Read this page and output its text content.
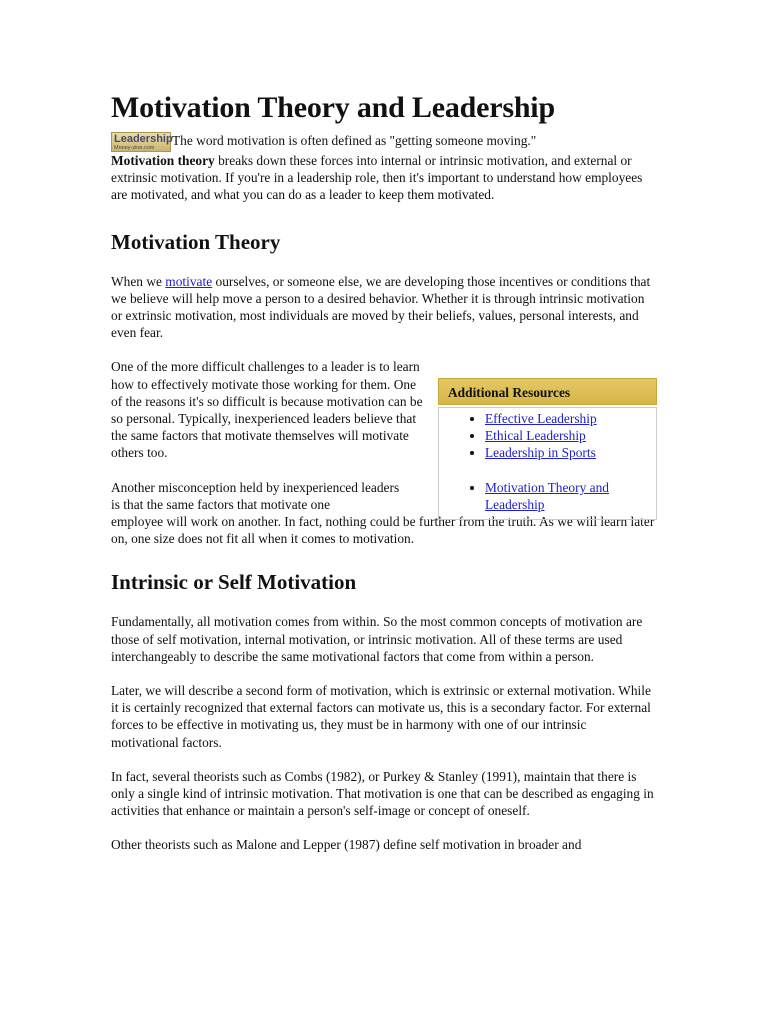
Motivation Theory and Leadership

Leadership
Money-zine.com The word motivation is often defined as "getting someone moving."
Motivation theory breaks down these forces into internal or intrinsic motivation, and external or extrinsic motivation. If you're in a leadership role, then it's important to understand how employees are motivated, and what you can do as a leader to keep them motivated.

Motivation Theory

When we motivate ourselves, or someone else, we are developing those incentives or conditions that we believe will help move a person to a desired behavior. Whether it is through intrinsic motivation or extrinsic motivation, most individuals are moved by their beliefs, values, personal interests, and even fear.

One of the more difficult challenges to a leader is to learn how to effectively motivate those working for them. One of the reasons it's so difficult is because motivation can be so personal. Typically, inexperienced leaders believe that the same factors that motivate themselves will motivate others too.

Another misconception held by inexperienced leaders is that the same factors that motivate one

employee will work on another. In fact, nothing could be further from the truth. As we will learn later on, one size does not fit all when it comes to motivation.

Intrinsic or Self Motivation

Fundamentally, all motivation comes from within. So the most common concepts of motivation are those of self motivation, internal motivation, or intrinsic motivation. All of these terms are used interchangeably to describe the same motivational factors that come from within a person.

Later, we will describe a second form of motivation, which is extrinsic or external motivation. While it is certainly recognized that external factors can motivate us, this is a secondary factor. For external forces to be effective in motivating us, they must be in harmony with one of our intrinsic motivational factors.

In fact, several theorists such as Combs (1982), or Purkey & Stanley (1991), maintain that there is only a single kind of intrinsic motivation. That motivation is one that can be described as engaging in activities that enhance or maintain a person's self-image or concept of oneself.

Other theorists such as Malone and Lepper (1987) define self motivation in broader and

Additional Resources
• Effective Leadership
• Ethical Leadership
• Leadership in Sports
• Motivation Theory and Leadership
